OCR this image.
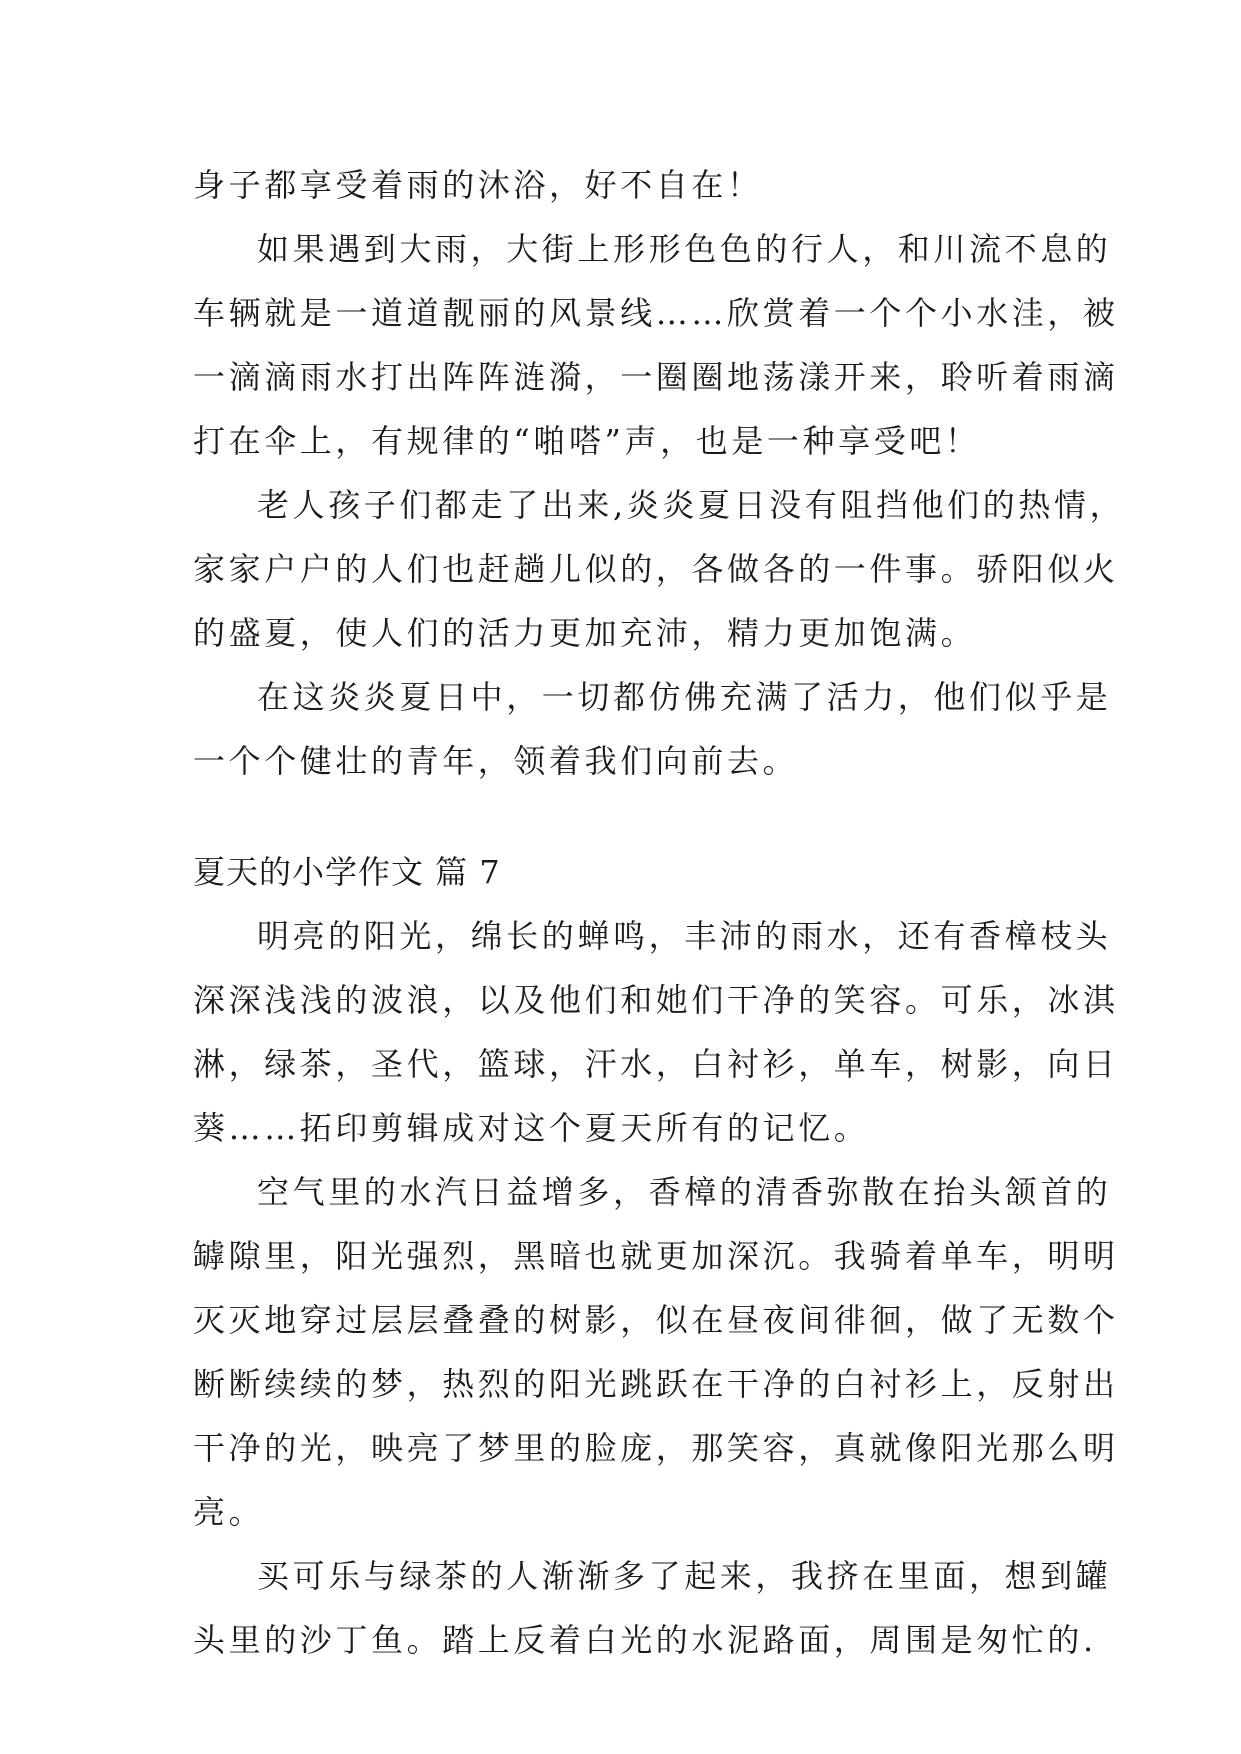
身子都享受着雨的沐浴，好不自在！
如果遇到大雨，大街上形形色色的行人，和川流不息的
车辆就是一道道靓丽的风景线……欣赏着一个个小水洼，被
一滴滴雨水打出阵阵涟漪，一圈圈地荡漾开来，聆听着雨滴
打在伞上，有规律的“啪嗒”声，也是一种享受吧！
老人孩子们都走了出来,炎炎夏日没有阻挡他们的热情，
家家户户的人们也赶趟儿似的，各做各的一件事。骄阳似火
的盛夏，使人们的活力更加充沛，精力更加饱满。
在这炎炎夏日中，一切都仿佛充满了活力，他们似乎是
一个个健壮的青年，领着我们向前去。
夏天的小学作文 篇 7
明亮的阳光，绵长的蝉鸣，丰沛的雨水，还有香樟枝头
深深浅浅的波浪，以及他们和她们干净的笑容。可乐，冰淇
淋，绿茶，圣代，篮球，汗水，白衬衫，单车，树影，向日
葵……拓印剪辑成对这个夏天所有的记忆。
空气里的水汽日益增多，香樟的清香弥散在抬头颔首的
罅隙里，阳光强烈，黑暗也就更加深沉。我骑着单车，明明
灭灭地穿过层层叠叠的树影，似在昼夜间徘徊，做了无数个
断断续续的梦，热烈的阳光跳跃在干净的白衬衫上，反射出
干净的光，映亮了梦里的脸庞，那笑容，真就像阳光那么明
亮。
买可乐与绿茶的人渐渐多了起来，我挤在里面，想到罐
头里的沙丁鱼。踏上反着白光的水泥路面，周围是匆忙的.
